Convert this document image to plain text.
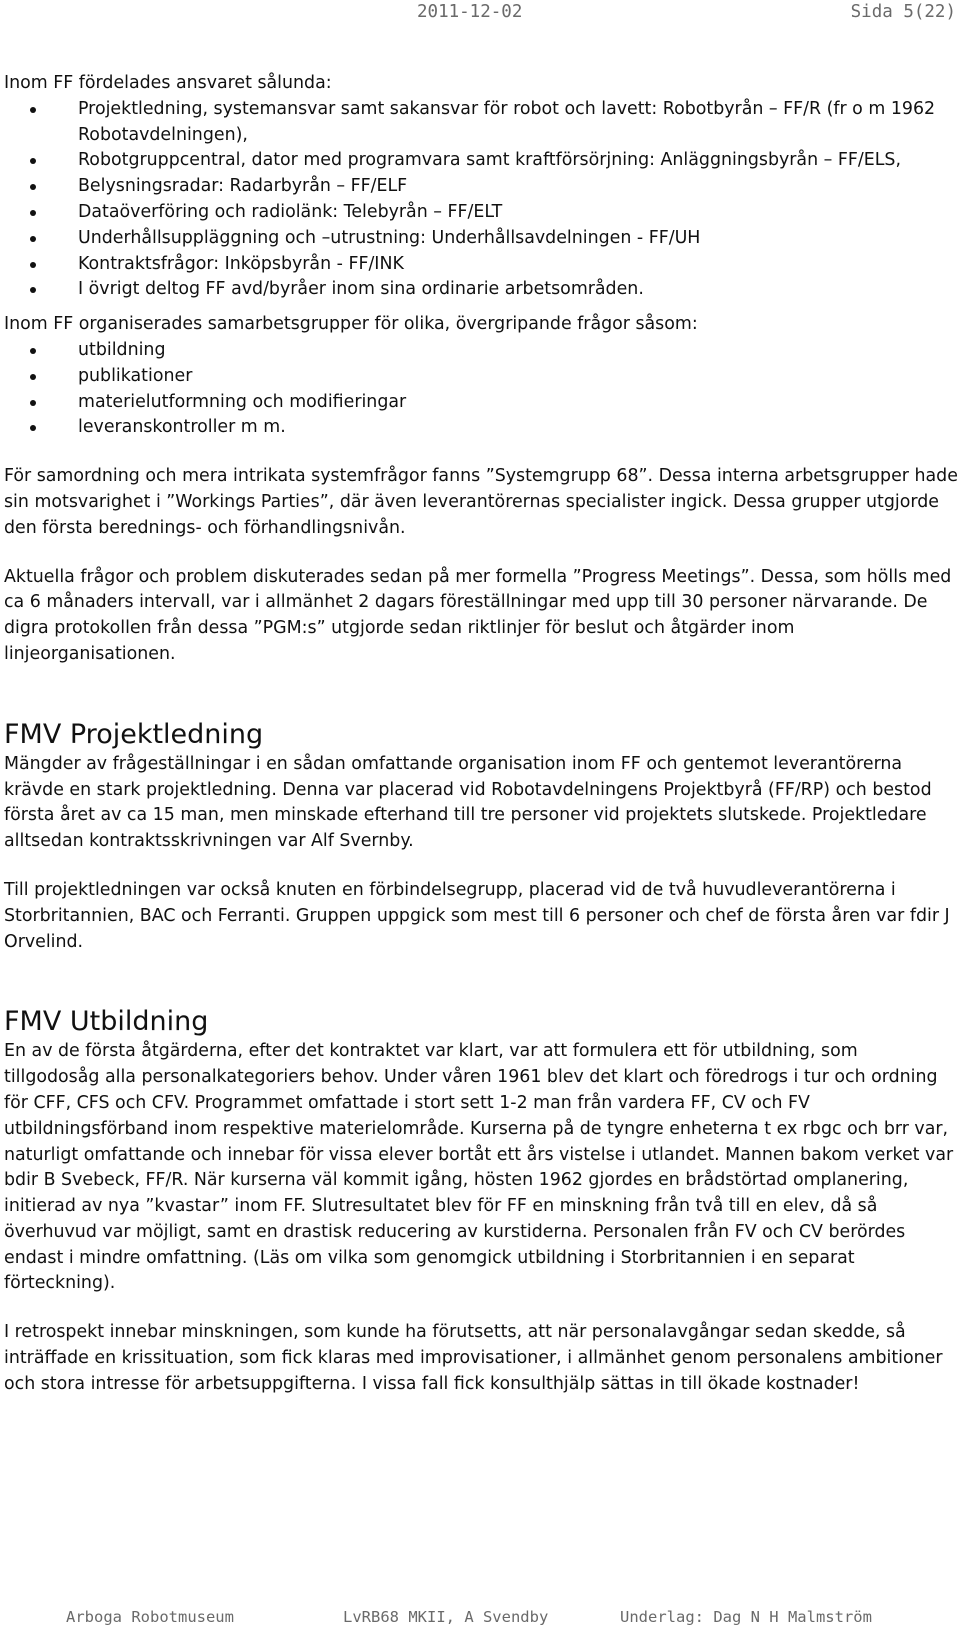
2011-12-02	Sida 5(22)

Inom FF fördelades ansvaret sålunda:

Projektledning, systemansvar samt sakansvar för robot och lavett: Robotbyrån – FF/R (fr o m 1962 Robotavdelningen),
Robotgruppcentral, dator med programvara samt kraftförsörjning: Anläggningsbyrån – FF/ELS,
Belysningsradar: Radarbyrån – FF/ELF
Dataöverföring och radiolänk: Telebyrån – FF/ELT
Underhållsuppläggning och –utrustning: Underhållsavdelningen - FF/UH
Kontraktsfrågor: Inköpsbyrån - FF/INK
I övrigt deltog FF avd/byråer inom sina ordinarie arbetsområden.

Inom FF organiserades samarbetsgrupper för olika, övergripande frågor såsom:

utbildning
publikationer
materielutformning och modifieringar
leveranskontroller m m.

För samordning och mera intrikata systemfrågor fanns ”Systemgrupp 68”. Dessa interna arbetsgrupper hade sin motsvarighet i ”Workings Parties”, där även leverantörernas specialister ingick. Dessa grupper utgjorde den första berednings- och förhandlingsnivån.

Aktuella frågor och problem diskuterades sedan på mer formella ”Progress Meetings”. Dessa, som hölls med ca 6 månaders intervall, var i allmänhet 2 dagars föreställningar med upp till 30 personer närvarande. De digra protokollen från dessa ”PGM:s” utgjorde sedan riktlinjer för beslut och åtgärder inom linjeorganisationen.

FMV Projektledning

Mängder av frågeställningar i en sådan omfattande organisation inom FF och gentemot leverantörerna krävde en stark projektledning. Denna var placerad vid Robotavdelningens Projektbyrå (FF/RP) och bestod första året av ca 15 man, men minskade efterhand till tre personer vid projektets slutskede. Projektledare alltsedan kontraktsskrivningen var Alf Svernby.

Till projektledningen var också knuten en förbindelsegrupp, placerad vid de två huvudleverantörerna i Storbritannien, BAC och Ferranti. Gruppen uppgick som mest till 6 personer och chef de första åren var fdir J Orvelind.

FMV Utbildning

En av de första åtgärderna, efter det kontraktet var klart, var att formulera ett för utbildning, som tillgodosåg alla personalkategoriers behov. Under våren 1961 blev det klart och föredrogs i tur och ordning för CFF, CFS och CFV. Programmet omfattade i stort sett 1-2 man från vardera FF, CV och FV utbildningsförband inom respektive materielområde. Kurserna på de tyngre enheterna t ex rbgc och brr var, naturligt omfattande och innebar för vissa elever bortåt ett års vistelse i utlandet. Mannen bakom verket var bdir B Svebeck, FF/R. När kurserna väl kommit igång, hösten 1962 gjordes en brådstörtad omplanering, initierad av nya ”kvastar” inom FF. Slutresultatet blev för FF en minskning från två till en elev, då så överhuvud var möjligt, samt en drastisk reducering av kurstiderna. Personalen från FV och CV berördes endast i mindre omfattning. (Läs om vilka som genomgick utbildning i Storbritannien i en separat förteckning).

I retrospekt innebar minskningen, som kunde ha förutsetts, att när personalavgångar sedan skedde, så inträffade en krissituation, som fick klaras med improvisationer, i allmänhet genom personalens ambitioner och stora intresse för arbetsuppgifterna. I vissa fall fick konsulthjälp sättas in till ökade kostnader!

Arboga Robotmuseum	LvRB68 MKII, A Svendby	Underlag: Dag N H Malmström
